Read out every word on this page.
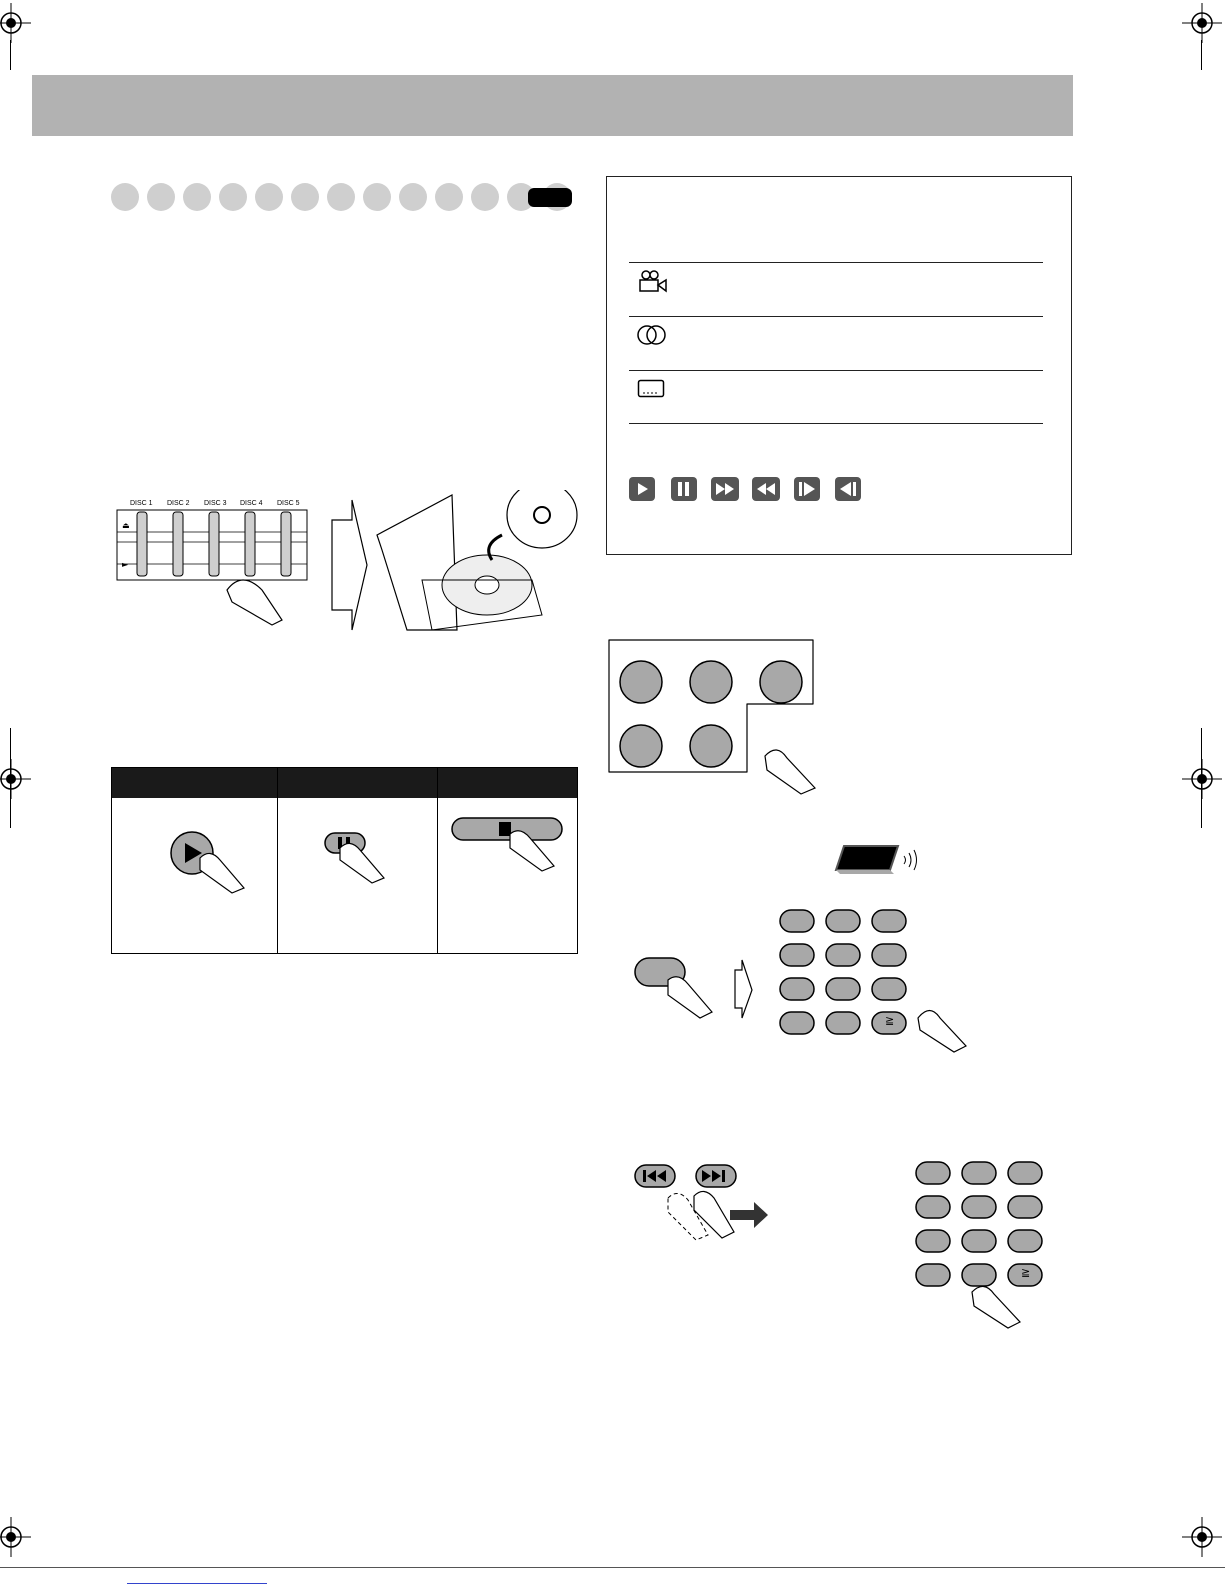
⏏
►
DISC 1 DISC 2 DISC 3 DISC 4 DISC 5
≧
≧
